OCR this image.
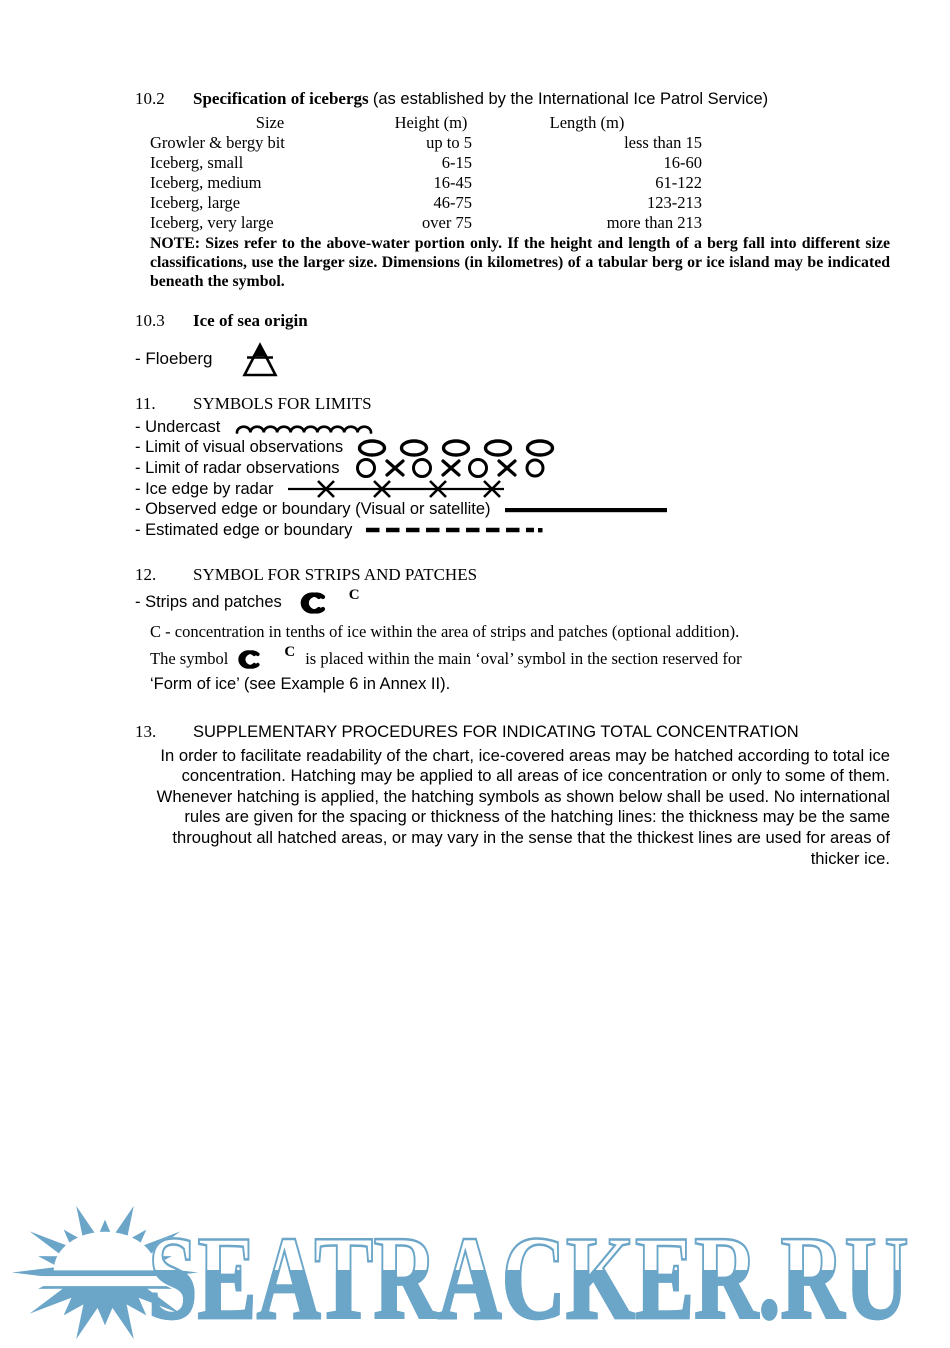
10.2 Specification of icebergs (as established by the International Ice Patrol Service)
Size	Height (m)	Length (m)
Growler & bergy bit	up to 5	less than 15
Iceberg, small	6-15	16-60
Iceberg, medium	16-45	61-122
Iceberg, large	46-75	123-213
Iceberg, very large	over 75	more than 213
NOTE: Sizes refer to the above-water portion only. If the height and length of a berg fall into different size classifications, use the larger size. Dimensions (in kilometres) of a tabular berg or ice island may be indicated beneath the symbol.
10.3 Ice of sea origin
- Floeberg
11. SYMBOLS FOR LIMITS
- Undercast
- Limit of visual observations
- Limit of radar observations
- Ice edge by radar
- Observed edge or boundary (Visual or satellite)
- Estimated edge or boundary
12. SYMBOL FOR STRIPS AND PATCHES
- Strips and patches	C
C - concentration in tenths of ice within the area of strips and patches (optional addition).
The symbol	C is placed within the main ‘oval’ symbol in the section reserved for
‘Form of ice’ (see Example 6 in Annex II).
13. SUPPLEMENTARY PROCEDURES FOR INDICATING TOTAL CONCENTRATION
In order to facilitate readability of the chart, ice-covered areas may be hatched according to total ice concentration. Hatching may be applied to all areas of ice concentration or only to some of them. Whenever hatching is applied, the hatching symbols as shown below shall be used. No international rules are given for the spacing or thickness of the hatching lines: the thickness may be the same throughout all hatched areas, or may vary in the sense that the thickest lines are used for areas of thicker ice.
SEATRACKER.RU
